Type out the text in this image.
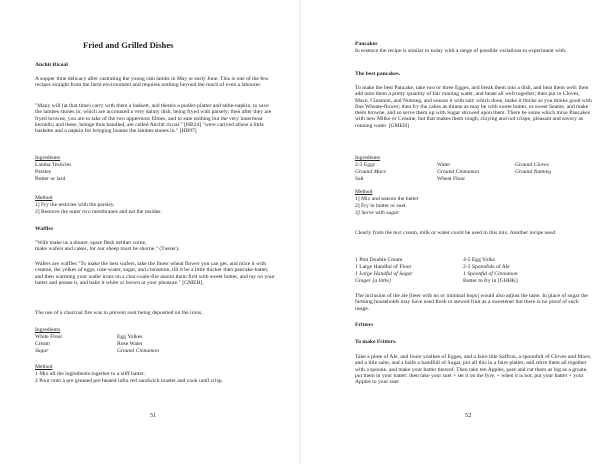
Fried and Grilled Dishes

Anchit Ricoal

A supper time delicacy after castrating the young ram lambs in May or early June. This is one of the few recipes straight from the farm environment and requires nothing beyond the reach of even a labourer.

"Many will (at that time) carry with them a baskett, and thereis a pudler-platter and table-napkin, to save the lambes stones in; which are accounted a very dainty dish, being fryed with parsely; then after they are fryed browne, you are to take of the two uppermost filmes, and to eate nothing but the very innermost kernells; and these, beinge thus handled, are called Anchit ricoal." [HB24] "were carryed allsoe a little baskette and a napkin for bringing hoame the lambes stones in." [HB97]

Ingredients

Lamba Testicles

Parsley

Butter or lard

Method

1] Fry the testicles with the parsley.

2] Remove the outer two membranes and eat the insides.

Waffles

"Wife make us a dinner, spare flesh neither corne,
make wafers and cakes, for our sheep must be shorne." (Tusser).

Wafers are waffles "To make the best wafers, take the finest wheat flower you can get, and mixe it with creame, the yelkes of eggs, rose-water, sugar, and cinnamon, till it be a little thicker then pancake-batter, and then warming your wafer irons on a char-coale-fire anoint them first with sweet butter, and lay on your batter and presse it, and bake it white or brown at your pleasure." [GMEH].

The use of a charcoal fire was to prevent soot being deposited on the irons.

Ingredients

White Flour	Egg Yolkes
Cream	Rose Water
Sugar	Ground Cinnamon

Method

1 Mix all the ingredients together to a stiff batter.

2 Pour onto a pre greased pre heated infra red sandwich toaster and cook until crisp.

51

Pancakes

In essence the recipe is similar to today with a range of possible variations to experiment with.

The best pancakes.

To make the best Pancake, take two or three Egges, and break them into a dish, and beat them well: then add unto them a pretty quantity of fair running water, and beate all well together; then put in Cloves, Mace, Cinamon, and Nutmeg, and season it with salt: which done, make it thicke as you thinke good with fine Wheate-flower; then fry the cakes as thinne as may be with sweet butter, or sweet Seame, and make them browne, and so serve them up with Sugar strowed upon them. There be some which mixe Pancakes with new Milke or Creame, but that makes them rough, cloying and not crispe, pleasant and savory as running water. [GMEH]

Ingredients

2-3 Eggs	Water	Ground Cloves
Ground Mace	Ground Cinnamon	Ground Nutmeg
Salt	Wheat Flour

Method

1] Mix and season the batter

2] Fry in butter or suet.

3] Serve with sugar

Clearly from the text cream, milk or water could be used in this mix. Another recipe used:

1 Pint Double Cream	4-5 Egg Yolks
1 Large Handful of Flour	2-3 Spoonfuls of Ale
1 Large Handful of Sugar	1 Spoonful of Cinnamon
Ginger [a little]	Butter to fry in [GHHK]

The inclusion of the ale [beer with no or minimal hops] would also adjust the taste. In place of sugar the farming households may have used fresh or stewed fruit as a sweetener but there is no proof of such usage.

Fritters

To make Fritters.

Take a pinte of Ale, and foure yoalkes of Egges, and a faire litle Saffron, a spoonfull of Cloves and Mace, and a litle salte, and a halfe a handfull of Sugar, put all this in a faire platter, and stirre them all together with a spoone, and make your batter thereof. Then take ten Apples, pare and cut them as big as a groate, put them in your batter: then take your suet + set it on the fyre, + when it is hot, put your batter + your Apples to your suet

52
